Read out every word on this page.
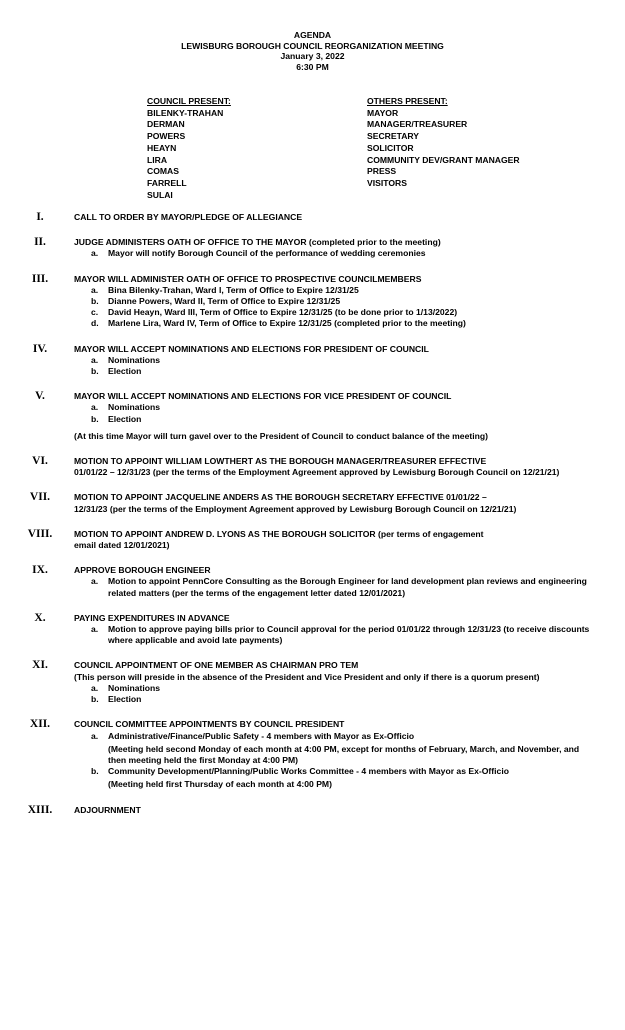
AGENDA
LEWISBURG BOROUGH COUNCIL REORGANIZATION MEETING
January 3, 2022
6:30 PM
COUNCIL PRESENT:
BILENKY-TRAHAN
DERMAN
POWERS
HEAYN
LIRA
COMAS
FARRELL
SULAI
OTHERS PRESENT:
MAYOR
MANAGER/TREASURER
SECRETARY
SOLICITOR
COMMUNITY DEV/GRANT MANAGER
PRESS
VISITORS
I.	CALL TO ORDER BY MAYOR/PLEDGE OF ALLEGIANCE
II.	JUDGE ADMINISTERS OATH OF OFFICE TO THE MAYOR (completed prior to the meeting)
a. Mayor will notify Borough Council of the performance of wedding ceremonies
III.	MAYOR WILL ADMINISTER OATH OF OFFICE TO PROSPECTIVE COUNCILMEMBERS
a. Bina Bilenky-Trahan, Ward I, Term of Office to Expire 12/31/25
b. Dianne Powers, Ward II, Term of Office to Expire 12/31/25
c. David Heayn, Ward III, Term of Office to Expire 12/31/25 (to be done prior to 1/13/2022)
d. Marlene Lira, Ward IV, Term of Office to Expire 12/31/25 (completed prior to the meeting)
IV.	MAYOR WILL ACCEPT NOMINATIONS AND ELECTIONS FOR PRESIDENT OF COUNCIL
a. Nominations
b. Election
V.	MAYOR WILL ACCEPT NOMINATIONS AND ELECTIONS FOR VICE PRESIDENT OF COUNCIL
a. Nominations
b. Election
(At this time Mayor will turn gavel over to the President of Council to conduct balance of the meeting)
VI.	MOTION TO APPOINT WILLIAM LOWTHERT AS THE BOROUGH MANAGER/TREASURER EFFECTIVE
01/01/22 – 12/31/23 (per the terms of the Employment Agreement approved by Lewisburg Borough Council on 12/21/21)
VII.	MOTION TO APPOINT JACQUELINE ANDERS AS THE BOROUGH SECRETARY EFFECTIVE 01/01/22 –
12/31/23 (per the terms of the Employment Agreement approved by Lewisburg Borough Council on 12/21/21)
VIII.	MOTION TO APPOINT ANDREW D. LYONS AS THE BOROUGH SOLICITOR (per terms of engagement
email dated 12/01/2021)
IX.	APPROVE BOROUGH ENGINEER
a. Motion to appoint PennCore Consulting as the Borough Engineer for land development plan reviews and engineering related matters (per the terms of the engagement letter dated 12/01/2021)
X.	PAYING EXPENDITURES IN ADVANCE
a. Motion to approve paying bills prior to Council approval for the period 01/01/22 through 12/31/23 (to receive discounts where applicable and avoid late payments)
XI.	COUNCIL APPOINTMENT OF ONE MEMBER AS CHAIRMAN PRO TEM
(This person will preside in the absence of the President and Vice President and only if there is a quorum present)
a. Nominations
b. Election
XII.	COUNCIL COMMITTEE APPOINTMENTS BY COUNCIL PRESIDENT
a. Administrative/Finance/Public Safety - 4 members with Mayor as Ex-Officio
(Meeting held second Monday of each month at 4:00 PM, except for months of February, March, and November, and then meeting held the first Monday at 4:00 PM)
b. Community Development/Planning/Public Works Committee - 4 members with Mayor as Ex-Officio
(Meeting held first Thursday of each month at 4:00 PM)
XIII.	ADJOURNMENT
